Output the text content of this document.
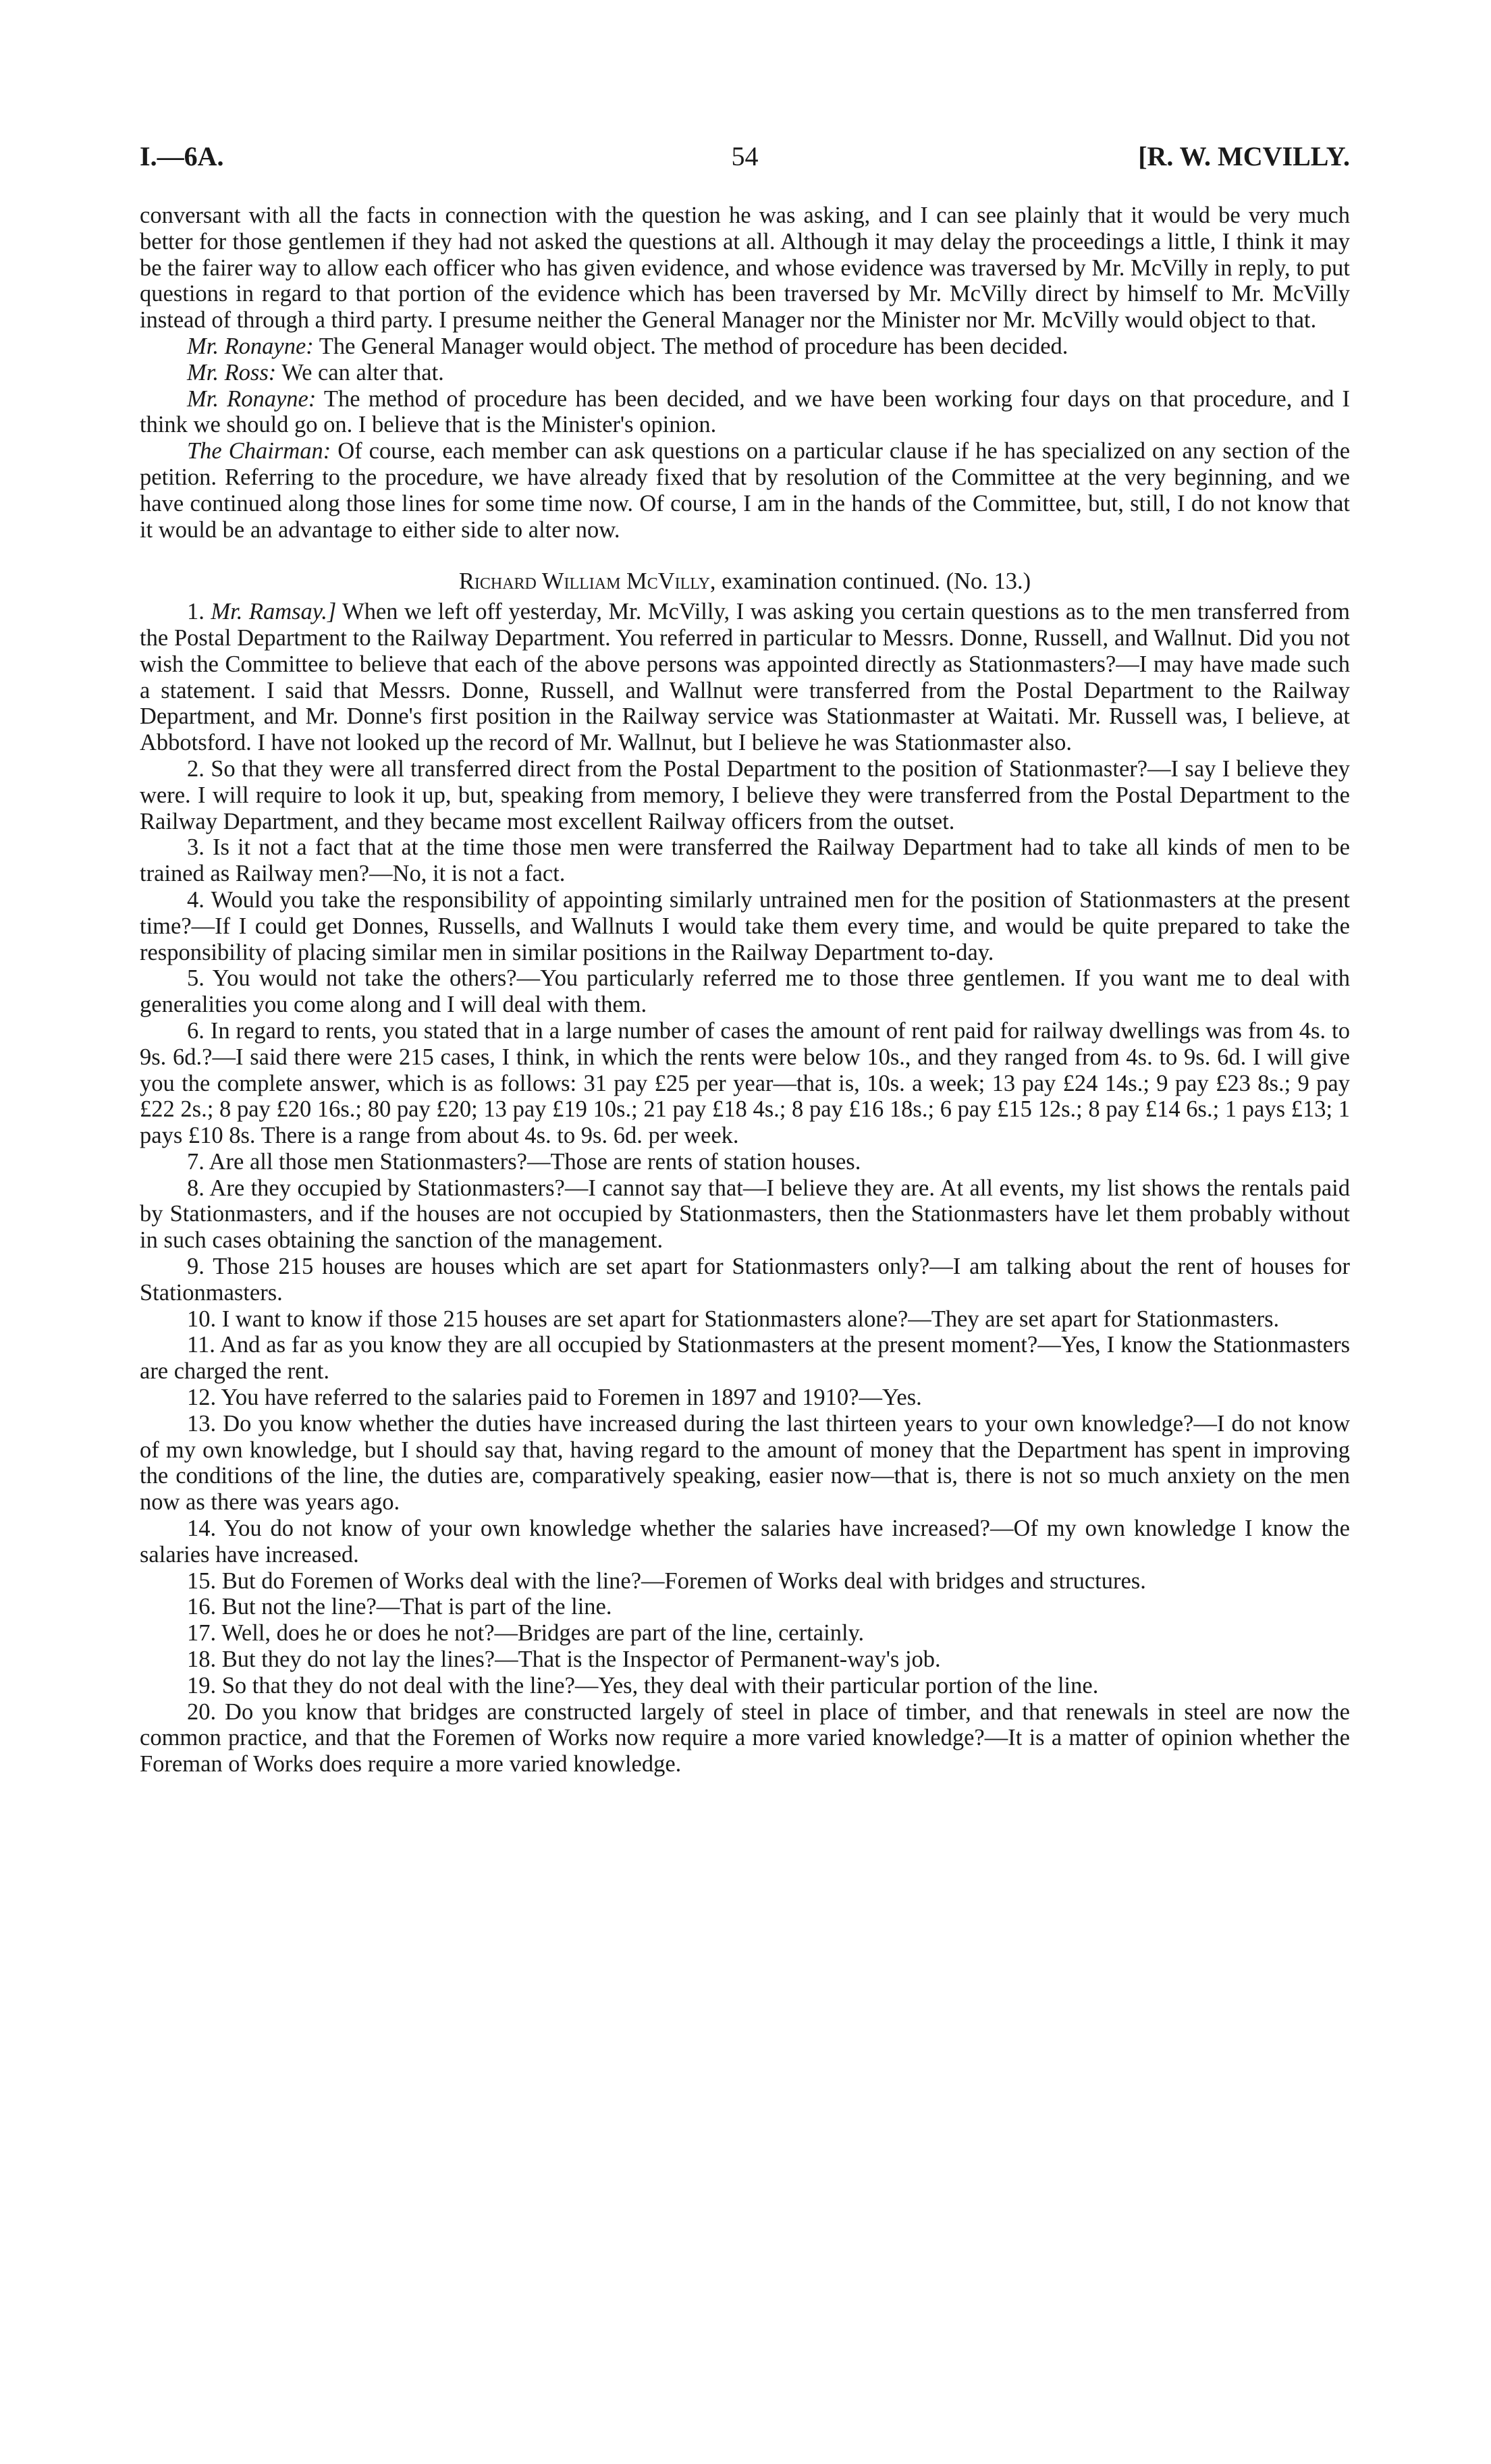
I.—6A.	54	[R. W. MCVILLY.

conversant with all the facts in connection with the question he was asking, and I can see plainly that it would be very much better for those gentlemen if they had not asked the questions at all. Although it may delay the proceedings a little, I think it may be the fairer way to allow each officer who has given evidence, and whose evidence was traversed by Mr. McVilly in reply, to put questions in regard to that portion of the evidence which has been traversed by Mr. McVilly direct by himself to Mr. McVilly instead of through a third party. I presume neither the General Manager nor the Minister nor Mr. McVilly would object to that.

Mr. Ronayne: The General Manager would object. The method of procedure has been decided.

Mr. Ross: We can alter that.

Mr. Ronayne: The method of procedure has been decided, and we have been working four days on that procedure, and I think we should go on. I believe that is the Minister's opinion.

The Chairman: Of course, each member can ask questions on a particular clause if he has specialized on any section of the petition. Referring to the procedure, we have already fixed that by resolution of the Committee at the very beginning, and we have continued along those lines for some time now. Of course, I am in the hands of the Committee, but, still, I do not know that it would be an advantage to either side to alter now.

Richard William McVilly, examination continued. (No. 13.)

1. Mr. Ramsay.] When we left off yesterday, Mr. McVilly, I was asking you certain questions as to the men transferred from the Postal Department to the Railway Department. You referred in particular to Messrs. Donne, Russell, and Wallnut. Did you not wish the Committee to believe that each of the above persons was appointed directly as Stationmasters?—I may have made such a statement. I said that Messrs. Donne, Russell, and Wallnut were transferred from the Postal Department to the Railway Department, and Mr. Donne's first position in the Railway service was Stationmaster at Waitati. Mr. Russell was, I believe, at Abbotsford. I have not looked up the record of Mr. Wallnut, but I believe he was Stationmaster also.

2. So that they were all transferred direct from the Postal Department to the position of Stationmaster?—I say I believe they were. I will require to look it up, but, speaking from memory, I believe they were transferred from the Postal Department to the Railway Department, and they became most excellent Railway officers from the outset.

3. Is it not a fact that at the time those men were transferred the Railway Department had to take all kinds of men to be trained as Railway men?—No, it is not a fact.

4. Would you take the responsibility of appointing similarly untrained men for the position of Stationmasters at the present time?—If I could get Donnes, Russells, and Wallnuts I would take them every time, and would be quite prepared to take the responsibility of placing similar men in similar positions in the Railway Department to-day.

5. You would not take the others?—You particularly referred me to those three gentlemen. If you want me to deal with generalities you come along and I will deal with them.

6. In regard to rents, you stated that in a large number of cases the amount of rent paid for railway dwellings was from 4s. to 9s. 6d.?—I said there were 215 cases, I think, in which the rents were below 10s., and they ranged from 4s. to 9s. 6d. I will give you the complete answer, which is as follows: 31 pay £25 per year—that is, 10s. a week; 13 pay £24 14s.; 9 pay £23 8s.; 9 pay £22 2s.; 8 pay £20 16s.; 80 pay £20; 13 pay £19 10s.; 21 pay £18 4s.; 8 pay £16 18s.; 6 pay £15 12s.; 8 pay £14 6s.; 1 pays £13; 1 pays £10 8s. There is a range from about 4s. to 9s. 6d. per week.

7. Are all those men Stationmasters?—Those are rents of station houses.

8. Are they occupied by Stationmasters?—I cannot say that—I believe they are. At all events, my list shows the rentals paid by Stationmasters, and if the houses are not occupied by Stationmasters, then the Stationmasters have let them probably without in such cases obtaining the sanction of the management.

9. Those 215 houses are houses which are set apart for Stationmasters only?—I am talking about the rent of houses for Stationmasters.

10. I want to know if those 215 houses are set apart for Stationmasters alone?—They are set apart for Stationmasters.

11. And as far as you know they are all occupied by Stationmasters at the present moment?—Yes, I know the Stationmasters are charged the rent.

12. You have referred to the salaries paid to Foremen in 1897 and 1910?—Yes.

13. Do you know whether the duties have increased during the last thirteen years to your own knowledge?—I do not know of my own knowledge, but I should say that, having regard to the amount of money that the Department has spent in improving the conditions of the line, the duties are, comparatively speaking, easier now—that is, there is not so much anxiety on the men now as there was years ago.

14. You do not know of your own knowledge whether the salaries have increased?—Of my own knowledge I know the salaries have increased.

15. But do Foremen of Works deal with the line?—Foremen of Works deal with bridges and structures.

16. But not the line?—That is part of the line.

17. Well, does he or does he not?—Bridges are part of the line, certainly.

18. But they do not lay the lines?—That is the Inspector of Permanent-way's job.

19. So that they do not deal with the line?—Yes, they deal with their particular portion of the line.

20. Do you know that bridges are constructed largely of steel in place of timber, and that renewals in steel are now the common practice, and that the Foremen of Works now require a more varied knowledge?—It is a matter of opinion whether the Foreman of Works does require a more varied knowledge.
